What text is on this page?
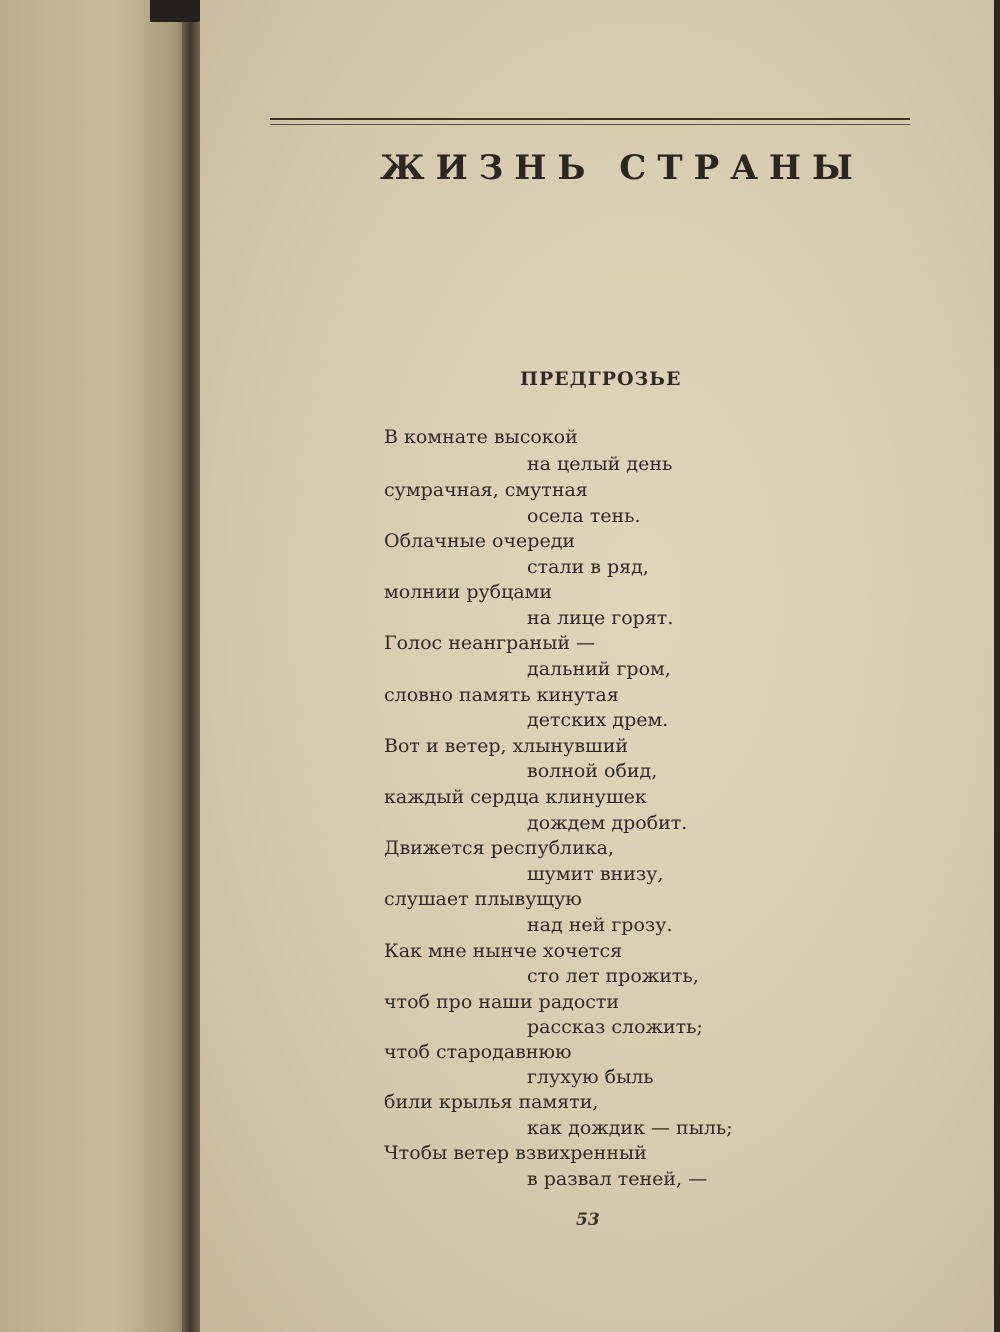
ЖИЗНЬ СТРАНЫ
ПРЕДГРОЗЬЕ
В комнате высокой
на целый день
сумрачная, смутная
осела тень.
Облачные очереди
стали в ряд,
молнии рубцами
на лице горят.
Голос неанграный —
дальний гром,
словно память кинутая
детских дрем.
Вот и ветер, хлынувший
волной обид,
каждый сердца клинушек
дождем дробит.
Движется республика,
шумит внизу,
слушает плывущую
над ней грозу.
Как мне нынче хочется
сто лет прожить,
чтоб про наши радости
рассказ сложить;
чтоб стародавнюю
глухую быль
били крылья памяти,
как дождик — пыль;
Чтобы ветер взвихренный
в развал теней, —
53
